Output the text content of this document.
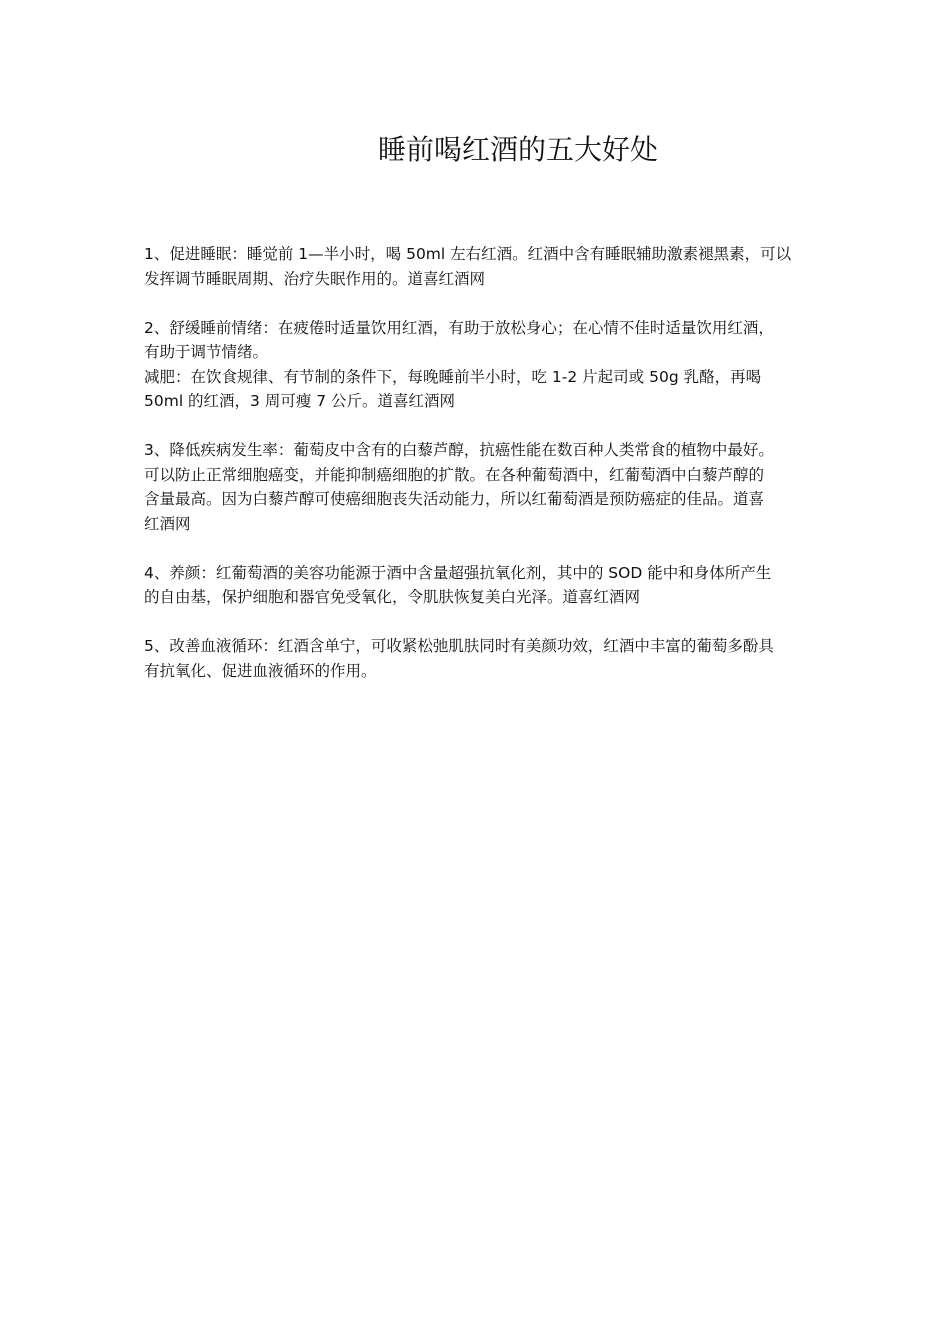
睡前喝红酒的五大好处

1、促进睡眠：睡觉前 1—半小时，喝 50ml 左右红酒。红酒中含有睡眠辅助激素褪黑素，可以
发挥调节睡眠周期、治疗失眠作用的。道喜红酒网

2、舒缓睡前情绪：在疲倦时适量饮用红酒，有助于放松身心；在心情不佳时适量饮用红酒，
有助于调节情绪。
减肥：在饮食规律、有节制的条件下，每晚睡前半小时，吃 1-2 片起司或 50g 乳酪，再喝
50ml 的红酒，3 周可瘦 7 公斤。道喜红酒网

3、降低疾病发生率：葡萄皮中含有的白藜芦醇，抗癌性能在数百种人类常食的植物中最好。
可以防止正常细胞癌变，并能抑制癌细胞的扩散。在各种葡萄酒中，红葡萄酒中白藜芦醇的
含量最高。因为白藜芦醇可使癌细胞丧失活动能力，所以红葡萄酒是预防癌症的佳品。道喜
红酒网

4、养颜：红葡萄酒的美容功能源于酒中含量超强抗氧化剂，其中的 SOD 能中和身体所产生
的自由基，保护细胞和器官免受氧化，令肌肤恢复美白光泽。道喜红酒网

5、改善血液循环：红酒含单宁，可收紧松弛肌肤同时有美颜功效，红酒中丰富的葡萄多酚具
有抗氧化、促进血液循环的作用。
